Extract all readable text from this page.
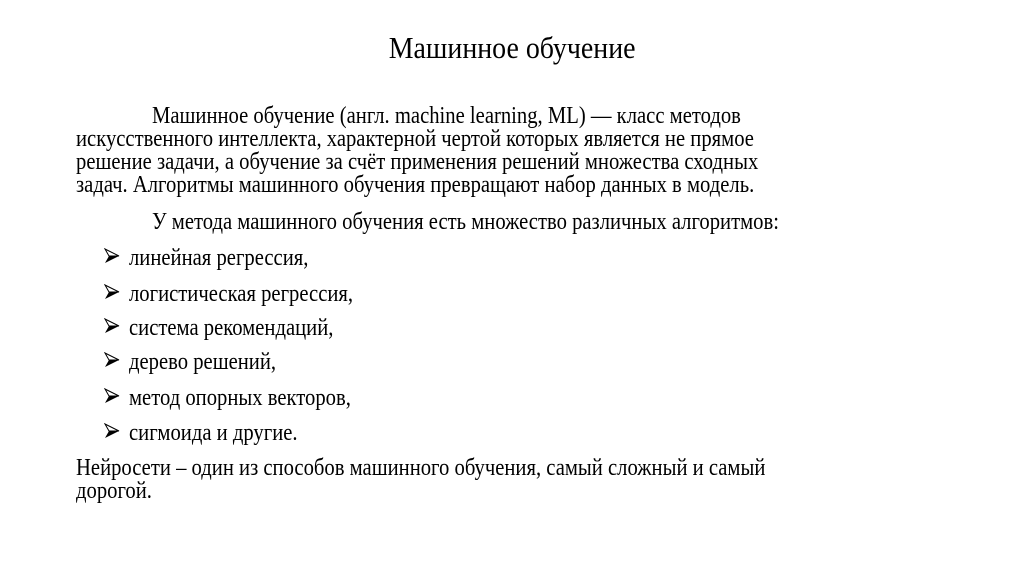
Машинное обучение
Машинное обучение (англ. machine learning, ML) — класс методов
искусственного интеллекта, характерной чертой которых является не прямое
решение задачи, а обучение за счёт применения решений множества сходных
задач. Алгоритмы машинного обучения превращают набор данных в модель.
У метода машинного обучения есть множество различных алгоритмов:
линейная регрессия,
логистическая регрессия,
система рекомендаций,
дерево решений,
метод опорных векторов,
сигмоида и другие.
Нейросети – один из способов машинного обучения, самый сложный и самый
дорогой.
